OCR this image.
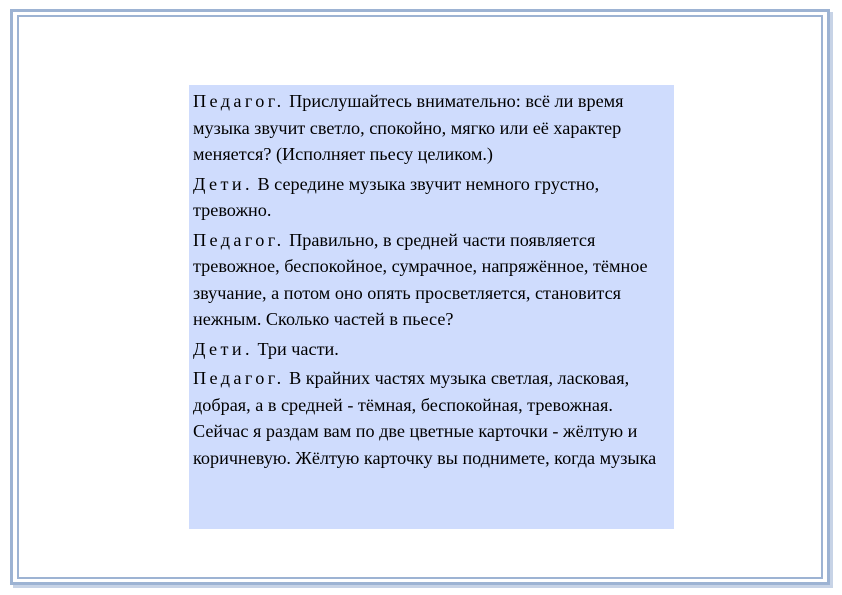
Педагог. Прислушайтесь внимательно: всё ли время музыка звучит светло, спокойно, мягко или её характер меняется? (Исполняет пьесу целиком.)

Дети. В середине музыка звучит немного грустно, тревожно.

Педагог. Правильно, в средней части появляется тревожное, беспокойное, сумрачное, напряжённое, тёмное звучание, а потом оно опять просветляется, становится нежным. Сколько частей в пьесе?

Дети. Три части.

Педагог. В крайних частях музыка светлая, ласковая, добрая, а в средней - тёмная, беспокойная, тревожная. Сейчас я раздам вам по две цветные карточки - жёлтую и коричневую. Жёлтую карточку вы поднимете, когда музыка
